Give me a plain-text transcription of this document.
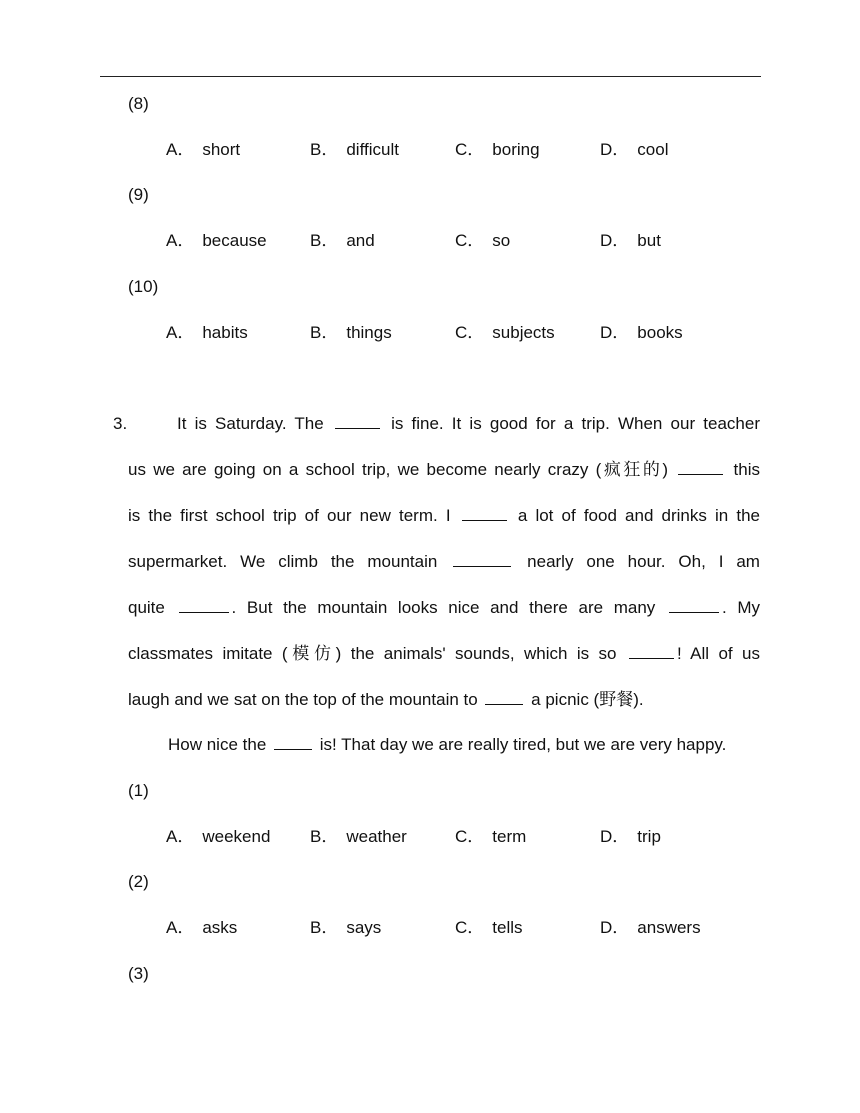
(8)
A． short	B． difficult	C． boring	D． cool
(9)
A． because	B． and	C． so	D． but
(10)
A． habits	B． things	C． subjects	D． books
3.	It is Saturday. The	is fine. It is good for a trip. When our teacher
us we are going on a school trip, we become nearly crazy (疯狂的)	this
is the first school trip of our new term. I	a lot of food and drinks in the
supermarket. We climb the mountain	nearly one hour. Oh, I am
quite	. But the mountain looks nice and there are many	. My
classmates imitate (模仿) the animals' sounds, which is so	! All of us
laugh and we sat on the top of the mountain to	a picnic (野餐).
How nice the	is! That day we are really tired, but we are very happy.
(1)
A． weekend B． weather	C． term	D． trip
(2)
A． asks	B． says	C． tells	D． answers
(3)
